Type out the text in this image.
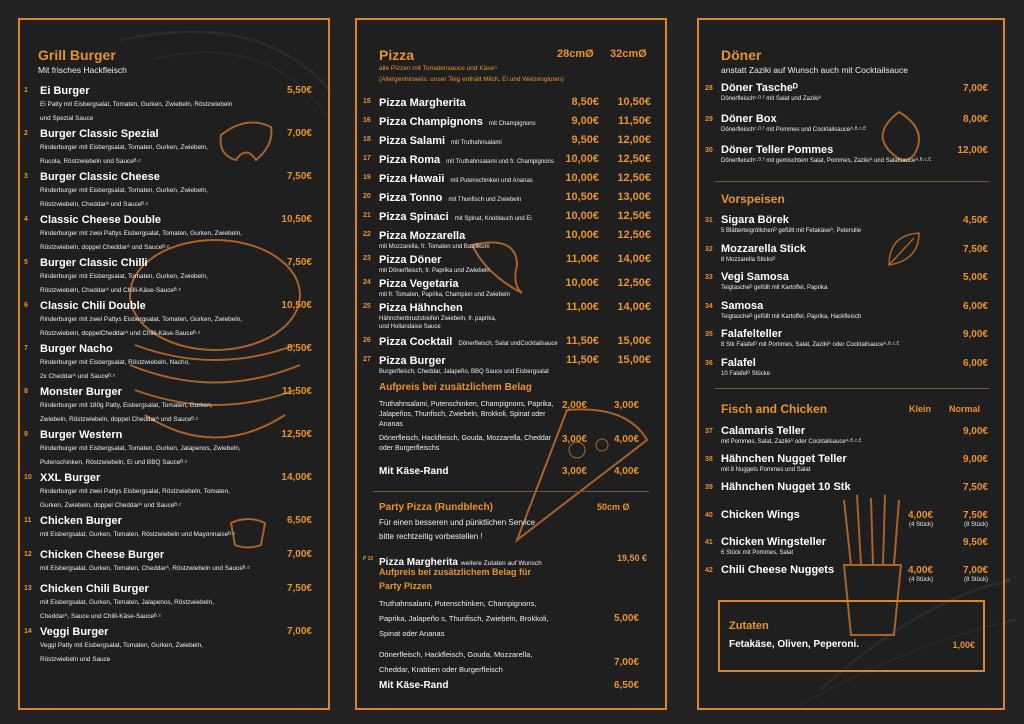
Grill Burger
Mit frisches Hackfleisch
1 Ei Burger
Ei Patty mit Eisbergsalat, Tomaten, Gurken, Zwiebeln, Röstzwiebeln
und Spezial Sauce
5,50€
2 Burger Classic Spezial
Rinderburger mit Eisbergsalat, Tomaten, Gurken, Zwiebeln,
Rucola, Röstzwiebeln und Sauceᴮ·ᶜ
7,00€
3 Burger Classic Cheese
Rinderburger mit Eisbergsalat, Tomaten, Gurken, Zwiebeln,
Röstzwiebeln, Cheddarᴬ und Sauceᴮ·ᶜ
7,50€
4 Classic Cheese Double
Rinderburger mit zwei Pattys Eisbergsalat, Tomaten, Gurken, Zwiebeln,
Röstzwiebeln, doppel Cheddarᴬ und Sauceᴮ·ᶜ
10,50€
5 Burger Classic Chilli
Rinderburger mit Eisbergsalat, Tomaten, Gurken, Zwiebeln,
Röstzwiebeln, Cheddarᴬ und Chilli-Käse-Sauceᴮ·ᶜ
7,50€
6 Classic Chili Double
Rinderburger mit zwei Pattys Eisbergsalat, Tomaten, Gurken, Zwiebeln,
Röstzwiebeln, doppelCheddarᴬ und Chilli-Käse-Sauceᴮ·ᶜ
10,50€
7 Burger Nacho
Rinderburger mit Eisbergsalat, Röstzwiebeln, Nacho,
2x Cheddarᴬ und Sauceᴮ·ᶜ
8,50€
8 Monster Burger
Rinderburger mit 180g Patty, Eisbergsalat, Tomaten, Gurken,
Zwiebeln, Röstzwiebeln, doppel Cheddarᴬ und Sauceᴮ·ᶜ
11,50€
9 Burger Western
Rinderburger mit Eisbergsalat, Tomaten, Gurken, Jalapenos, Zwiebeln,
Putenschinken, Röstzwiebeln, Ei und BBQ Sauceᴮ·ᶜ
12,50€
10 XXL Burger
Rinderburger mit zwei Pattys Eisbergsalat, Röstzwiebeln, Tomaten,
Gurken, Zwiebeln, doppel Cheddarᴬ und Sauceᴮ·ᶜ
14,00€
11 Chicken Burger
mit Eisbergsalat, Gurken, Tomaten, Röstzwiebeln und Mayonnaiseᴮ·ᶜ
6,50€
12 Chicken Cheese Burger
mit Eisbergsalat, Gurken, Tomaten, Cheddarᴬ, Röstzwiebeln und Sauceᴮ·ᶜ
7,00€
13 Chicken Chili Burger
mit Eisbergsalat, Gurken, Tomaten, Jalapenos, Röstzwiebeln,
Cheddarᴬ, Sauce und Chilli-Käse-Sauceᴮ·ᶜ
7,50€
14 Veggi Burger
Veggi Patty mit Eisbergsalat, Tomaten, Gurken, Zwiebeln,
Röstzwiebeln und Sauce
7,00€
Pizza	28cmØ 32cmØ
alle Pizzen mit Tomatensauce und Käseᴬ
(Allergenhinweis: unser Teig enthält Milch, Ei und Weizengluten)
15 Pizza Margherita	8,50€	10,50€
16 Pizza Champignons mit Champignons	9,00€	11,50€
18 Pizza Salami mit Truthahnsalami	9,50€	12,00€
17 Pizza Roma mit Truthahnsalami und fr. Champignons	10,00€	12,50€
19 Pizza Hawaii mit Putenschinken und Ananas	10,00€	12,50€
20 Pizza Tonno mit Thunfisch und Zwiebeln	10,50€	13,00€
21 Pizza Spinaci mit Spinat, Knoblauch und Ei	10,00€	12,50€
22 Pizza Mozzarella
mit Mozzarella, fr. Tomaten und Basilikum
10,00€	12,50€
23 Pizza Döner
mit Dönerfleisch, fr. Paprika und Zwiebeln
11,00€	14,00€
24 Pizza Vegetaria
mit fr. Tomaten, Paprika, Champion und Zwiebeln
10,00€	12,50€
25 Pizza Hähnchen
Hähnchenbruststreifen Zwiebeln, fr. paprika,
und Hollandaise Sauce
11,00€	14,00€
26 Pizza Cocktail Dönerfleisch, Salat undCocktailsauce 11,50€	15,00€
27 Pizza Burger
Burgerfleisch, Cheddar, Jalapeño, BBQ Sauce und Eisbergsalat
11,50€	15,00€
Aufpreis bei zusätzlichem Belag
Truthahnsalami, Putenschinken, Champignons, Paprika, Jalapeños, Thunfisch, Zwiebeln, Brokkoli, Spinat oder Ananas
2,00€	3,00€
Dönerfleisch, Hackfleisch, Gouda, Mozzarella, Cheddar oder Burgerfleischs
3,00€	4,00€
Mit Käse-Rand	3,00€	4,00€
Party Pizza (Rundblech)	50cm Ø
Für einen besseren und pünktlichen Service
bitte rechtzeitig vorbestellen !
P 10 Pizza Margherita weitere Zutaten auf Wunsch
19,50 €
Aufpreis bei zusätzlichem Belag für
Party Pizzen
Truthahnsalami, Putenschinken, Champignons,
Paprika, Jalapeño s, Thunfisch, Zwiebeln, Brokkoli,
Spinat oder Ananas
5,00€
Dönerfleisch, Hackfleisch, Gouda, Mozzarella,
Cheddar, Krabben oder Burgerfleisch
7,00€
Mit Käse-Rand	6,50€
Döner
anstatt Zaziki auf Wunsch auch mit Cocktailsauce
28 Döner Tascheᴰ
Dönerfleischᶜ·ᴰ·ᶠ mit Salat und Zazikiᴬ
7,00€
29 Döner Box
Dönerfleischᶜ·ᴰ·ᶠ mit Pommes und Cocktailsauceᴬ·ᴮ·ᶜ·ᴱ
8,00€
30 Döner Teller Pommes
Dönerfleischᶜ·ᴰ·ᶠ mit gemischtem Salat, Pommes, Zazikiᴬ und Salatsauceᴬ·ᴮ·ᶜ·ᴱ
12,00€
Vorspeisen
31 Sigara Börek
5 Blätterteigröllchenᴰ gefüllt mit Fetakäseᴬ, Petersilie
4,50€
32 Mozzarella Stick
8 Mozzarella Sticksᴰ
7,50€
33 Vegi Samosa
Teigtascheᴰ gefüllt mit Kartoffel, Paprika
5,00€
34 Samosa
Teigtascheᴰ gefüllt mit Kartoffel, Paprika, Hackfleisch
6,00€
35 Falafelteller
8 Stk Falafelᴰ mit Pommes, Salat, Zazikiᴬ oder Cocktailsauceᴬ·ᴮ·ᶜ·ᴱ
9,00€
36 Falafel
10 Falafelᴰ Stücke
6,00€
Fisch and Chicken	Klein Normal
37 Calamaris Teller
mit Pommes, Salat, Zazikiᴬ oder Cocktailsauceᴬ·ᴮ·ᶜ·ᴱ
9,00€
38 Hähnchen Nugget Teller
mit 8 Nuggets Pommes und Salat
9,00€
39 Hähnchen Nugget 10 Stk	7,50€
40 Chicken Wings	4,00€
(4 Stück)
7,50€
(8 Stück)
41 Chicken Wingsteller
6 Stück mit Pommes, Salat
9,50€
42 Chili Cheese Nuggets	4,00€
(4 Stück)
7,00€
(8 Stück)
Zutaten
Fetakäse, Oliven, Peperoni.	1,00€
